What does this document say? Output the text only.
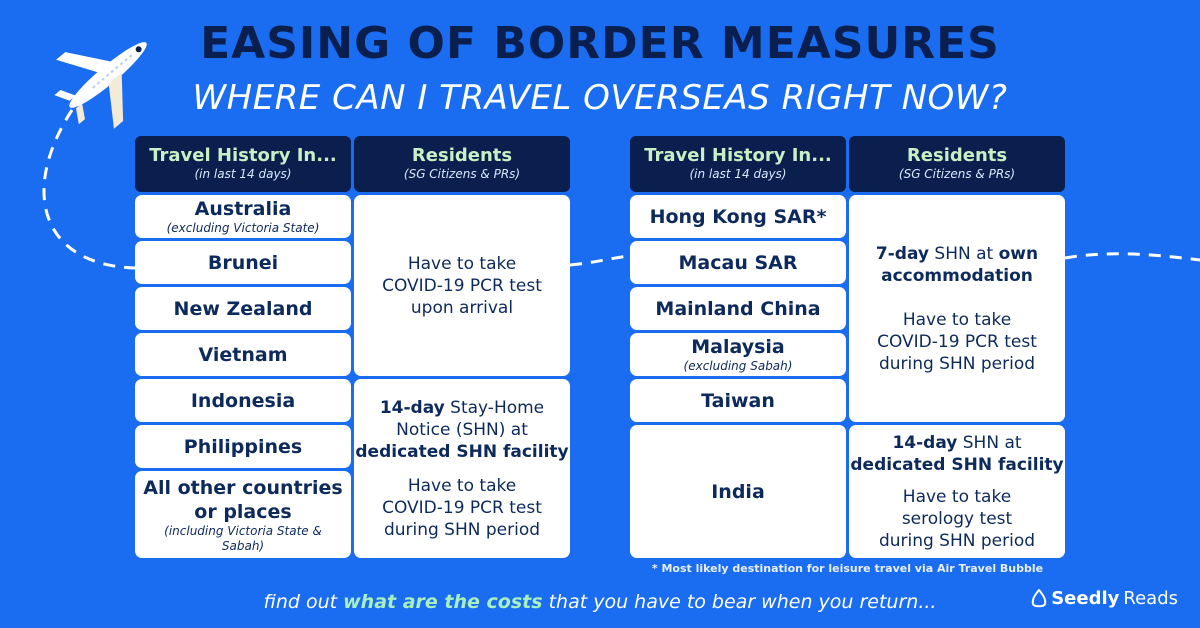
EASING OF BORDER MEASURES
WHERE CAN I TRAVEL OVERSEAS RIGHT NOW?
Travel History In...
(in last 14 days)
Residents
(SG Citizens & PRs)
Australia
(excluding Victoria State)
Brunei
New Zealand
Vietnam
Indonesia
Philippines
All other countries or places
(including Victoria State & Sabah)
Have to take
COVID-19 PCR test
upon arrival
14-day Stay-Home
Notice (SHN) at
dedicated SHN facility
Have to take
COVID-19 PCR test
during SHN period
Travel History In...
(in last 14 days)
Residents
(SG Citizens & PRs)
Hong Kong SAR*
Macau SAR
Mainland China
Malaysia
(excluding Sabah)
Taiwan
India
7-day SHN at own
accommodation
Have to take
COVID-19 PCR test
during SHN period
14-day SHN at
dedicated SHN facility
Have to take
serology test
during SHN period
* Most likely destination for leisure travel via Air Travel Bubble
find out what are the costs that you have to bear when you return...	Seedly Reads
